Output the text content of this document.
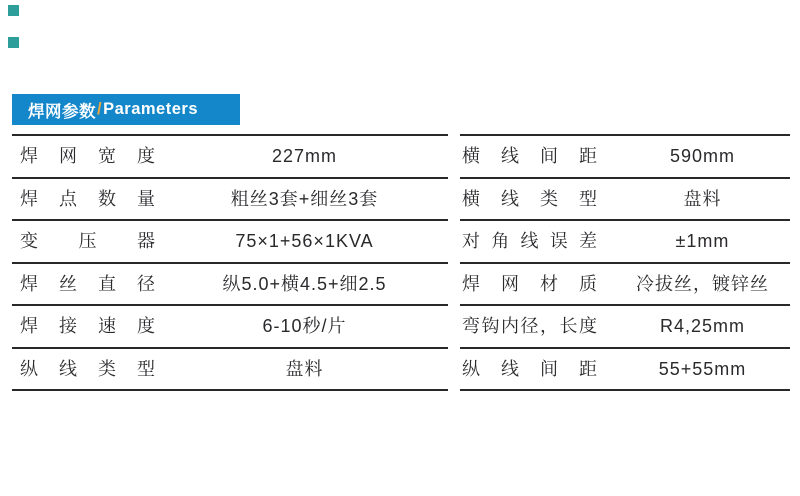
焊网参数 / Parameters
焊 网 宽 度	227mm
焊 点 数 量	粗丝3套+细丝3套
变 压 器	75×1+56×1KVA
焊 丝 直 径	纵5.0+横4.5+细2.5
焊 接 速 度	6-10秒/片
纵 线 类 型	盘料
横 线 间 距	590mm
横 线 类 型	盘料
对 角 线 误 差	±1mm
焊 网 材 质	冷拔丝，镀锌丝
弯 钩 内 径 ， 长 度	R4,25mm
纵 线 间 距	55+55mm
